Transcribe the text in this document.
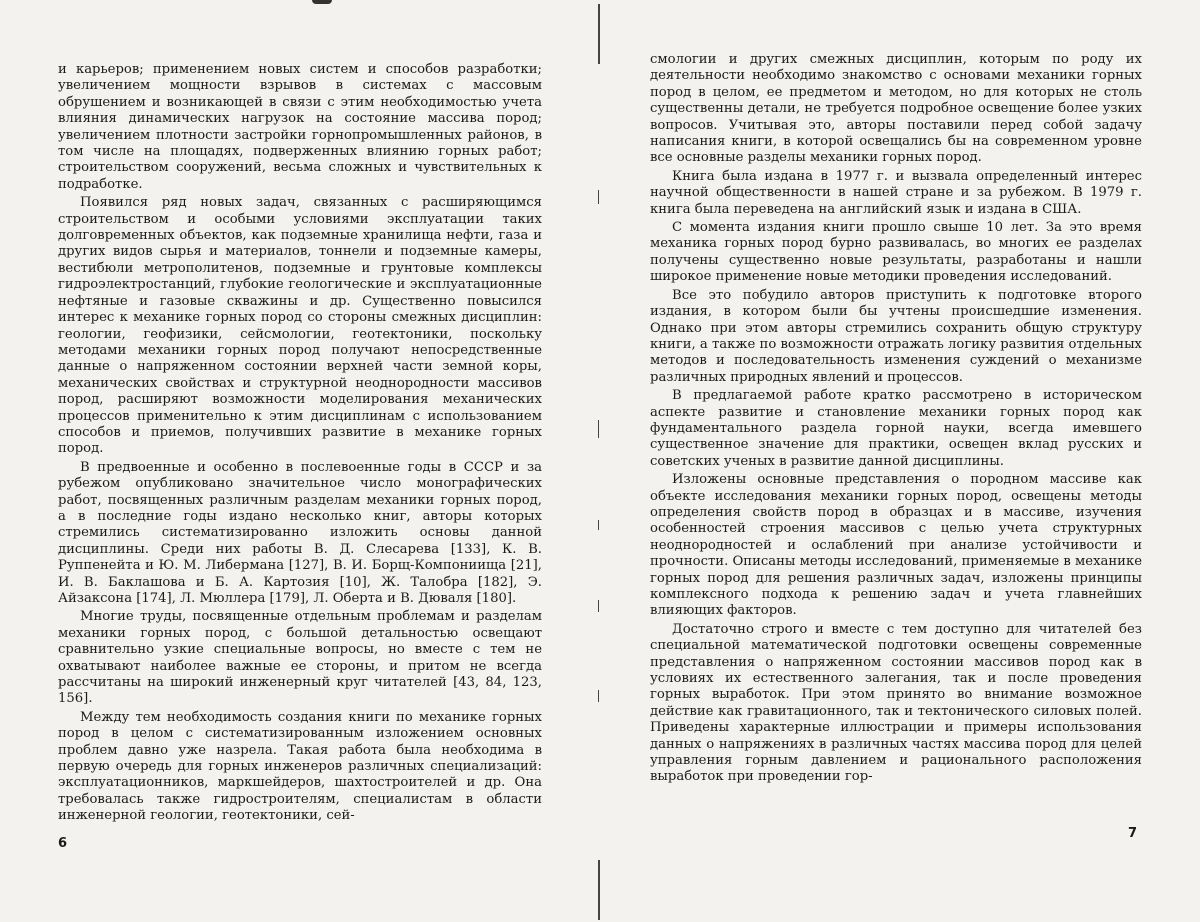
и карьеров; применением новых систем и способов разработки; увеличением мощности взрывов в системах с массовым обрушением и возникающей в связи с этим необходимостью учета влияния динамических нагрузок на состояние массива пород; увеличением плотности застройки горнопромышленных районов, в том числе на площадях, подверженных влиянию горных работ; строительством сооружений, весьма сложных и чувствительных к подработке.

Появился ряд новых задач, связанных с расширяющимся строительством и особыми условиями эксплуатации таких долговременных объектов, как подземные хранилища нефти, газа и других видов сырья и материалов, тоннели и подземные камеры, вестибюли метрополитенов, подземные и грунтовые комплексы гидроэлектростанций, глубокие геологические и эксплуатационные нефтяные и газовые скважины и др. Существенно повысился интерес к механике горных пород со стороны смежных дисциплин: геологии, геофизики, сейсмологии, геотектоники, поскольку методами механики горных пород получают непосредственные данные о напряженном состоянии верхней части земной коры, механических свойствах и структурной неоднородности массивов пород, расширяют возможности моделирования механических процессов применительно к этим дисциплинам с использованием способов и приемов, получивших развитие в механике горных пород.

В предвоенные и особенно в послевоенные годы в СССР и за рубежом опубликовано значительное число монографических работ, посвященных различным разделам механики горных пород, а в последние годы издано несколько книг, авторы которых стремились систематизированно изложить основы данной дисциплины. Среди них работы В. Д. Слесарева [133], К. В. Руппенейта и Ю. М. Либермана [127], В. И. Борщ-Компониища [21], И. В. Баклашова и Б. А. Картозия [10], Ж. Талобра [182], Э. Айзаксона [174], Л. Мюллера [179], Л. Оберта и В. Дюваля [180].

Многие труды, посвященные отдельным проблемам и разделам механики горных пород, с большой детальностью освещают сравнительно узкие специальные вопросы, но вместе с тем не охватывают наиболее важные ее стороны, и притом не всегда рассчитаны на широкий инженерный круг читателей [43, 84, 123, 156].

Между тем необходимость создания книги по механике горных пород в целом с систематизированным изложением основных проблем давно уже назрела. Такая работа была необходима в первую очередь для горных инженеров различных специализаций: эксплуатационников, маркшейдеров, шахтостроителей и др. Она требовалась также гидростроителям, специалистам в области инженерной геологии, геотектоники, сей-

6

смологии и других смежных дисциплин, которым по роду их деятельности необходимо знакомство с основами механики горных пород в целом, ее предметом и методом, но для которых не столь существенны детали, не требуется подробное освещение более узких вопросов. Учитывая это, авторы поставили перед собой задачу написания книги, в которой освещались бы на современном уровне все основные разделы механики горных пород.

Книга была издана в 1977 г. и вызвала определенный интерес научной общественности в нашей стране и за рубежом. В 1979 г. книга была переведена на английский язык и издана в США.

С момента издания книги прошло свыше 10 лет. За это время механика горных пород бурно развивалась, во многих ее разделах получены существенно новые результаты, разработаны и нашли широкое применение новые методики проведения исследований.

Все это побудило авторов приступить к подготовке второго издания, в котором были бы учтены происшедшие изменения. Однако при этом авторы стремились сохранить общую структуру книги, а также по возможности отражать логику развития отдельных методов и последовательность изменения суждений о механизме различных природных явлений и процессов.

В предлагаемой работе кратко рассмотрено в историческом аспекте развитие и становление механики горных пород как фундаментального раздела горной науки, всегда имевшего существенное значение для практики, освещен вклад русских и советских ученых в развитие данной дисциплины.

Изложены основные представления о породном массиве как объекте исследования механики горных пород, освещены методы определения свойств пород в образцах и в массиве, изучения особенностей строения массивов с целью учета структурных неоднородностей и ослаблений при анализе устойчивости и прочности. Описаны методы исследований, применяемые в механике горных пород для решения различных задач, изложены принципы комплексного подхода к решению задач и учета главнейших влияющих факторов.

Достаточно строго и вместе с тем доступно для читателей без специальной математической подготовки освещены современные представления о напряженном состоянии массивов пород как в условиях их естественного залегания, так и после проведения горных выработок. При этом принято во внимание возможное действие как гравитационного, так и тектонического силовых полей. Приведены характерные иллюстрации и примеры использования данных о напряжениях в различных частях массива пород для целей управления горным давлением и рационального расположения выработок при проведении гор-

7
